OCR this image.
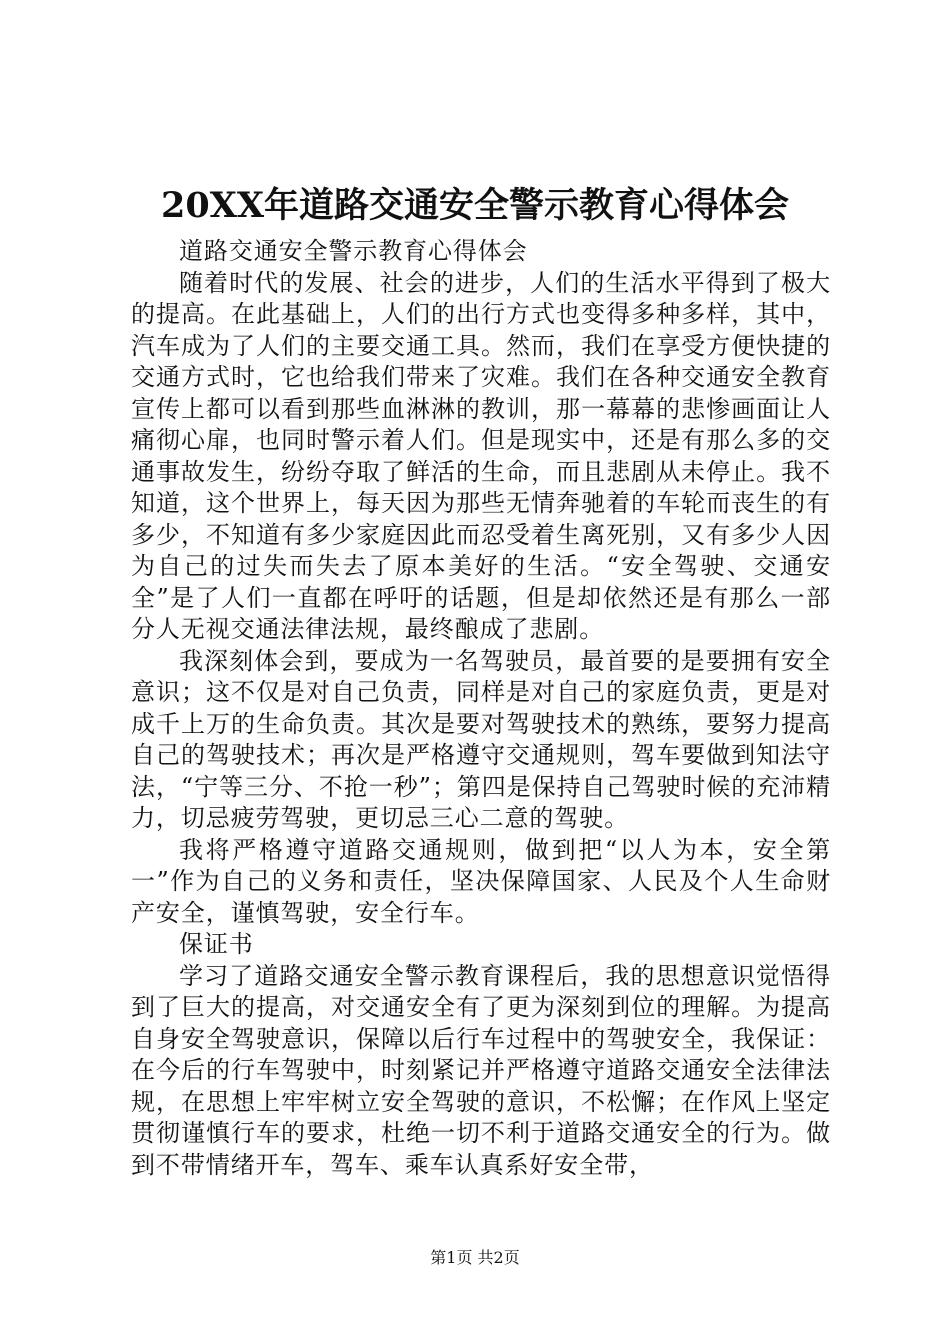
20XX年道路交通安全警示教育心得体会

道路交通安全警示教育心得体会

随着时代的发展、社会的进步，人们的生活水平得到了极大的提高。在此基础上，人们的出行方式也变得多种多样，其中，汽车成为了人们的主要交通工具。然而，我们在享受方便快捷的交通方式时，它也给我们带来了灾难。我们在各种交通安全教育宣传上都可以看到那些血淋淋的教训，那一幕幕的悲惨画面让人痛彻心扉，也同时警示着人们。但是现实中，还是有那么多的交通事故发生，纷纷夺取了鲜活的生命，而且悲剧从未停止。我不知道，这个世界上，每天因为那些无情奔驰着的车轮而丧生的有多少，不知道有多少家庭因此而忍受着生离死别，又有多少人因为自己的过失而失去了原本美好的生活。“安全驾驶、交通安全”是了人们一直都在呼吁的话题，但是却依然还是有那么一部分人无视交通法律法规，最终酿成了悲剧。

我深刻体会到，要成为一名驾驶员，最首要的是要拥有安全意识；这不仅是对自己负责，同样是对自己的家庭负责，更是对成千上万的生命负责。其次是要对驾驶技术的熟练，要努力提高自己的驾驶技术；再次是严格遵守交通规则，驾车要做到知法守法，“宁等三分、不抢一秒”；第四是保持自己驾驶时候的充沛精力，切忌疲劳驾驶，更切忌三心二意的驾驶。

我将严格遵守道路交通规则，做到把“以人为本，安全第一”作为自己的义务和责任，坚决保障国家、人民及个人生命财产安全，谨慎驾驶，安全行车。

保证书

学习了道路交通安全警示教育课程后，我的思想意识觉悟得到了巨大的提高，对交通安全有了更为深刻到位的理解。为提高自身安全驾驶意识，保障以后行车过程中的驾驶安全，我保证：在今后的行车驾驶中，时刻紧记并严格遵守道路交通安全法律法规，在思想上牢牢树立安全驾驶的意识，不松懈；在作风上坚定贯彻谨慎行车的要求，杜绝一切不利于道路交通安全的行为。做到不带情绪开车，驾车、乘车认真系好安全带，

第1页 共2页
